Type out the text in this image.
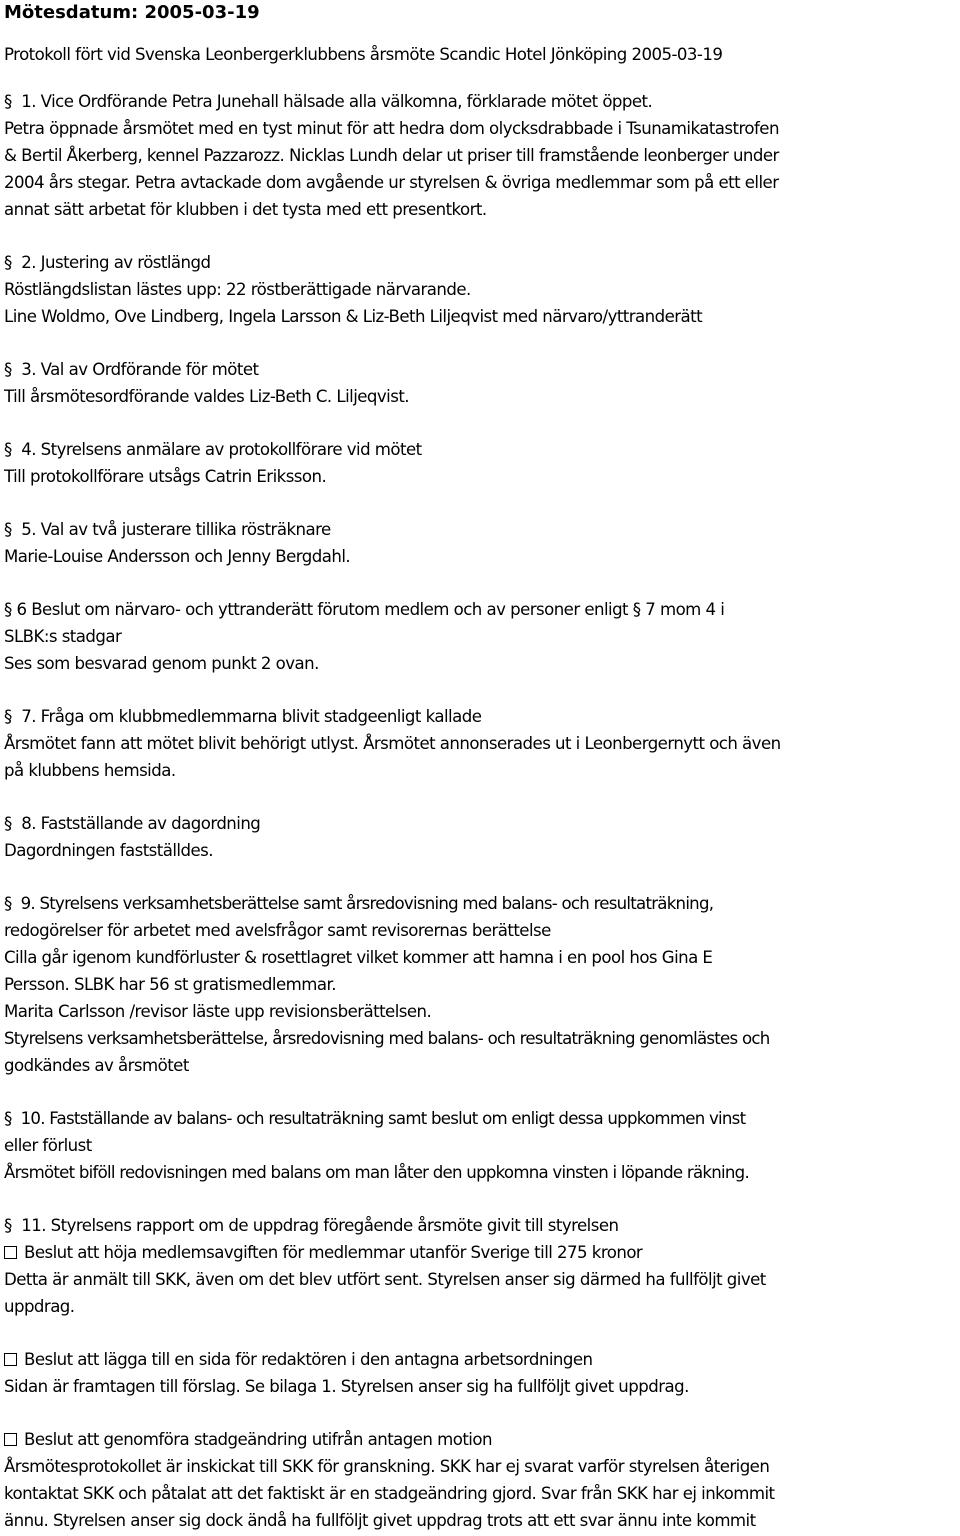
Mötesdatum: 2005-03-19
Protokoll fört vid Svenska Leonbergerklubbens årsmöte Scandic Hotel Jönköping 2005-03-19
§ 1. Vice Ordförande Petra Junehall hälsade alla välkomna, förklarade mötet öppet.
Petra öppnade årsmötet med en tyst minut för att hedra dom olycksdrabbade i Tsunamikatastrofen
& Bertil Åkerberg, kennel Pazzarozz. Nicklas Lundh delar ut priser till framstående leonberger under
2004 års stegar. Petra avtackade dom avgående ur styrelsen & övriga medlemmar som på ett eller
annat sätt arbetat för klubben i det tysta med ett presentkort.
§ 2. Justering av röstlängd
Röstlängdslistan lästes upp: 22 röstberättigade närvarande.
Line Woldmo, Ove Lindberg, Ingela Larsson & Liz-Beth Liljeqvist med närvaro/yttranderätt
§ 3. Val av Ordförande för mötet
Till årsmötesordförande valdes Liz-Beth C. Liljeqvist.
§ 4. Styrelsens anmälare av protokollförare vid mötet
Till protokollförare utsågs Catrin Eriksson.
§ 5. Val av två justerare tillika rösträknare
Marie-Louise Andersson och Jenny Bergdahl.
§ 6 Beslut om närvaro- och yttranderätt förutom medlem och av personer enligt § 7 mom 4 i
SLBK:s stadgar
Ses som besvarad genom punkt 2 ovan.
§ 7. Fråga om klubbmedlemmarna blivit stadgeenligt kallade
Årsmötet fann att mötet blivit behörigt utlyst. Årsmötet annonserades ut i Leonbergernytt och även
på klubbens hemsida.
§ 8. Fastställande av dagordning
Dagordningen fastställdes.
§ 9. Styrelsens verksamhetsberättelse samt årsredovisning med balans- och resultaträkning,
redogörelser för arbetet med avelsfrågor samt revisorernas berättelse
Cilla går igenom kundförluster & rosettlagret vilket kommer att hamna i en pool hos Gina E
Persson. SLBK har 56 st gratismedlemmar.
Marita Carlsson /revisor läste upp revisionsberättelsen.
Styrelsens verksamhetsberättelse, årsredovisning med balans- och resultaträkning genomlästes och
godkändes av årsmötet
§ 10. Fastställande av balans- och resultaträkning samt beslut om enligt dessa uppkommen vinst
eller förlust
Årsmötet biföll redovisningen med balans om man låter den uppkomna vinsten i löpande räkning.
§ 11. Styrelsens rapport om de uppdrag föregående årsmöte givit till styrelsen
Beslut att höja medlemsavgiften för medlemmar utanför Sverige till 275 kronor
Detta är anmält till SKK, även om det blev utfört sent. Styrelsen anser sig därmed ha fullföljt givet
uppdrag.
Beslut att lägga till en sida för redaktören i den antagna arbetsordningen
Sidan är framtagen till förslag. Se bilaga 1. Styrelsen anser sig ha fullföljt givet uppdrag.
Beslut att genomföra stadgeändring utifrån antagen motion
Årsmötesprotokollet är inskickat till SKK för granskning. SKK har ej svarat varför styrelsen återigen
kontaktat SKK och påtalat att det faktiskt är en stadgeändring gjord. Svar från SKK har ej inkommit
ännu. Styrelsen anser sig dock ändå ha fullföljt givet uppdrag trots att ett svar ännu inte kommit
